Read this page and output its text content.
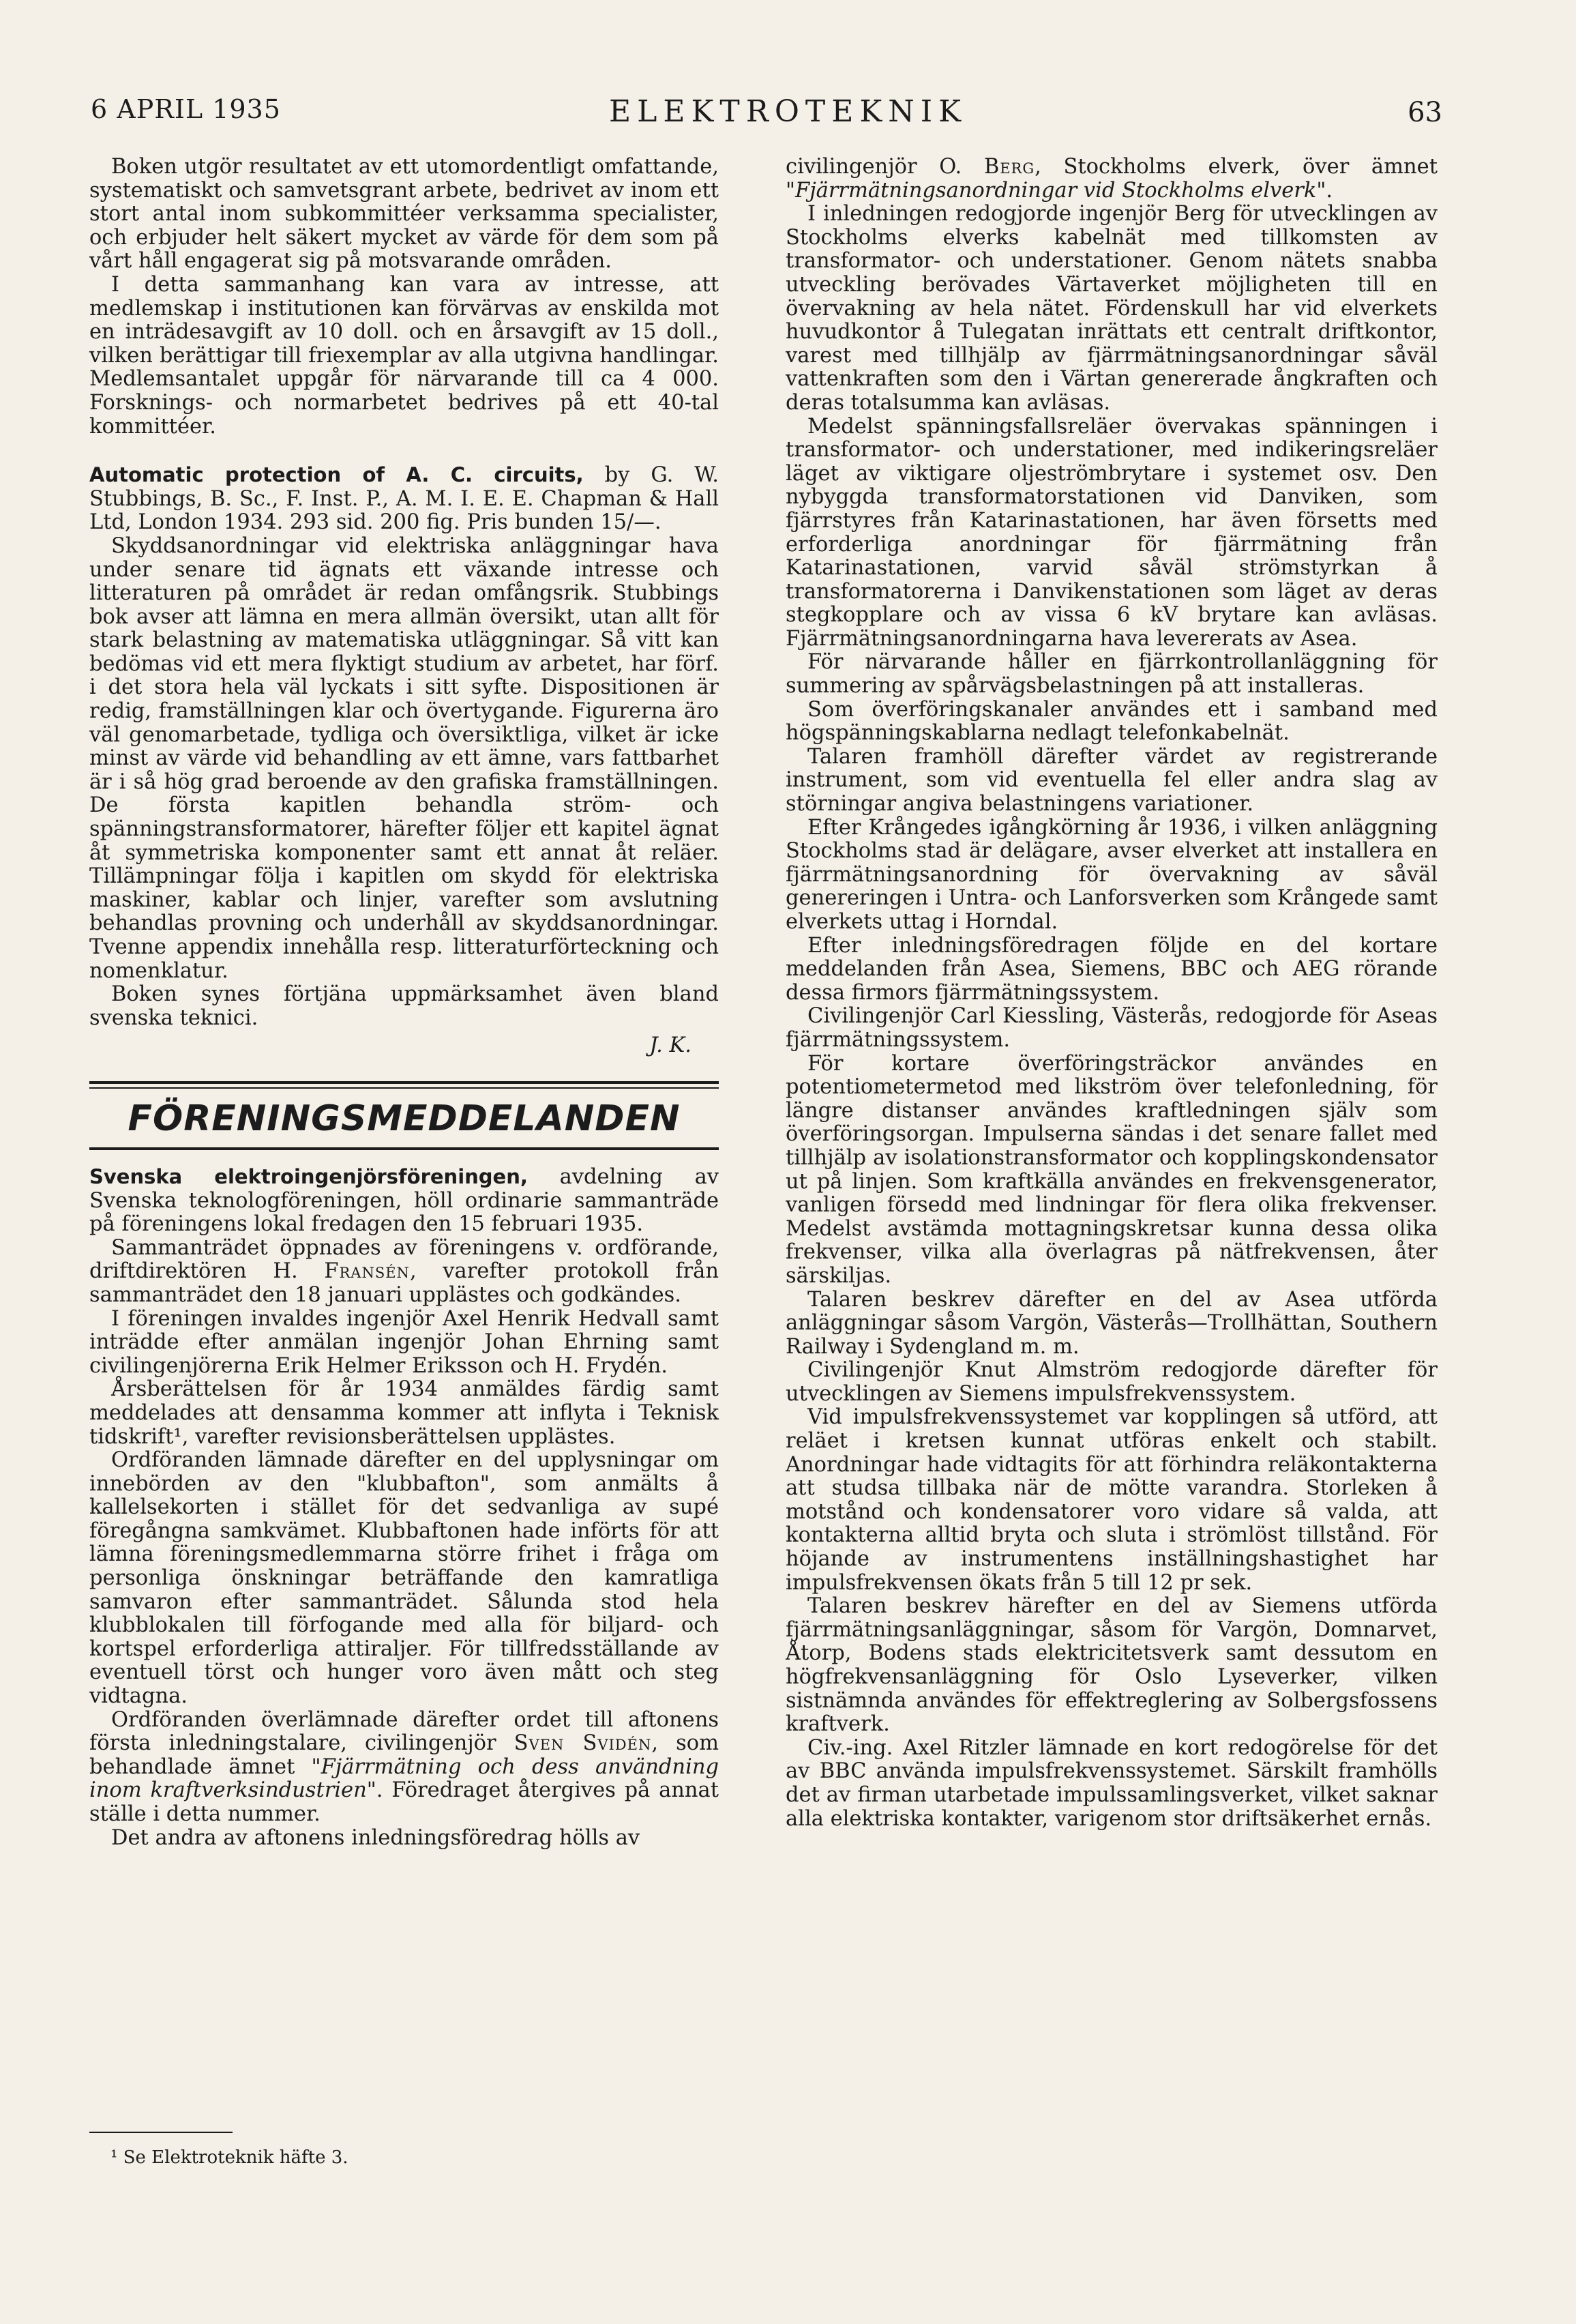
6 APRIL 1935	ELEKTROTEKNIK	63

Boken utgör resultatet av ett utomordentligt omfattande, systematiskt och samvetsgrant arbete, bedrivet av inom ett stort antal inom subkommittéer verksamma specialister, och erbjuder helt säkert mycket av värde för dem som på vårt håll engagerat sig på motsvarande områden.

I detta sammanhang kan vara av intresse, att medlemskap i institutionen kan förvärvas av enskilda mot en inträdesavgift av 10 doll. och en årsavgift av 15 doll., vilken berättigar till friexemplar av alla utgivna handlingar. Medlemsantalet uppgår för närvarande till ca 4 000. Forsknings- och normarbetet bedrives på ett 40-tal kommittéer.

Automatic protection of A. C. circuits, by G. W. Stubbings, B. Sc., F. Inst. P., A. M. I. E. E. Chapman & Hall Ltd, London 1934. 293 sid. 200 fig. Pris bunden 15/—.

Skyddsanordningar vid elektriska anläggningar hava under senare tid ägnats ett växande intresse och litteraturen på området är redan omfångsrik. Stubbings bok avser att lämna en mera allmän översikt, utan allt för stark belastning av matematiska utläggningar. Så vitt kan bedömas vid ett mera flyktigt studium av arbetet, har förf. i det stora hela väl lyckats i sitt syfte. Dispositionen är redig, framställningen klar och övertygande. Figurerna äro väl genomarbetade, tydliga och översiktliga, vilket är icke minst av värde vid behandling av ett ämne, vars fattbarhet är i så hög grad beroende av den grafiska framställningen. De första kapitlen behandla ström- och spänningstransformatorer, härefter följer ett kapitel ägnat åt symmetriska komponenter samt ett annat åt reläer. Tillämpningar följa i kapitlen om skydd för elektriska maskiner, kablar och linjer, varefter som avslutning behandlas provning och underhåll av skyddsanordningar. Tvenne appendix innehålla resp. litteraturförteckning och nomenklatur.

Boken synes förtjäna uppmärksamhet även bland svenska teknici.

J. K.

FÖRENINGSMEDDELANDEN

Svenska elektroingenjörsföreningen, avdelning av Svenska teknologföreningen, höll ordinarie sammanträde på föreningens lokal fredagen den 15 februari 1935.

Sammanträdet öppnades av föreningens v. ordförande, driftdirektören H. Fransén, varefter protokoll från sammanträdet den 18 januari upplästes och godkändes.

I föreningen invaldes ingenjör Axel Henrik Hedvall samt inträdde efter anmälan ingenjör Johan Ehrning samt civilingenjörerna Erik Helmer Eriksson och H. Frydén.

Årsberättelsen för år 1934 anmäldes färdig samt meddelades att densamma kommer att inflyta i Teknisk tidskrift¹, varefter revisionsberättelsen upplästes.

Ordföranden lämnade därefter en del upplysningar om innebörden av den "klubbafton", som anmälts å kallelsekorten i stället för det sedvanliga av supé föregångna samkvämet. Klubbaftonen hade införts för att lämna föreningsmedlemmarna större frihet i fråga om personliga önskningar beträffande den kamratliga samvaron efter sammanträdet. Sålunda stod hela klubblokalen till förfogande med alla för biljard- och kortspel erforderliga attiraljer. För tillfredsställande av eventuell törst och hunger voro även mått och steg vidtagna.

Ordföranden överlämnade därefter ordet till aftonens första inledningstalare, civilingenjör Sven Svidén, som behandlade ämnet "Fjärrmätning och dess användning inom kraftverksindustrien". Föredraget återgives på annat ställe i detta nummer.

Det andra av aftonens inledningsföredrag hölls av

¹ Se Elektroteknik häfte 3.

civilingenjör O. Berg, Stockholms elverk, över ämnet "Fjärrmätningsanordningar vid Stockholms elverk".

I inledningen redogjorde ingenjör Berg för utvecklingen av Stockholms elverks kabelnät med tillkomsten av transformator- och understationer. Genom nätets snabba utveckling berövades Värtaverket möjligheten till en övervakning av hela nätet. Fördenskull har vid elverkets huvudkontor å Tulegatan inrättats ett centralt driftkontor, varest med tillhjälp av fjärrmätningsanordningar såväl vattenkraften som den i Värtan genererade ångkraften och deras totalsumma kan avläsas.

Medelst spänningsfallsreläer övervakas spänningen i transformator- och understationer, med indikeringsreläer läget av viktigare oljeströmbrytare i systemet osv. Den nybyggda transformatorstationen vid Danviken, som fjärrstyres från Katarinastationen, har även försetts med erforderliga anordningar för fjärrmätning från Katarinastationen, varvid såväl strömstyrkan å transformatorerna i Danvikenstationen som läget av deras stegkopplare och av vissa 6 kV brytare kan avläsas. Fjärrmätningsanordningarna hava levererats av Asea.

För närvarande håller en fjärrkontrollanläggning för summering av spårvägsbelastningen på att installeras.

Som överföringskanaler användes ett i samband med högspänningskablarna nedlagt telefonkabelnät.

Talaren framhöll därefter värdet av registrerande instrument, som vid eventuella fel eller andra slag av störningar angiva belastningens variationer.

Efter Krångedes igångkörning år 1936, i vilken anläggning Stockholms stad är delägare, avser elverket att installera en fjärrmätningsanordning för övervakning av såväl genereringen i Untra- och Lanforsverken som Krångede samt elverkets uttag i Horndal.

Efter inledningsföredragen följde en del kortare meddelanden från Asea, Siemens, BBC och AEG rörande dessa firmors fjärrmätningssystem.

Civilingenjör Carl Kiessling, Västerås, redogjorde för Aseas fjärrmätningssystem.

För kortare överföringsträckor användes en potentiometermetod med likström över telefonledning, för längre distanser användes kraftledningen själv som överföringsorgan. Impulserna sändas i det senare fallet med tillhjälp av isolationstransformator och kopplingskondensator ut på linjen. Som kraftkälla användes en frekvensgenerator, vanligen försedd med lindningar för flera olika frekvenser. Medelst avstämda mottagningskretsar kunna dessa olika frekvenser, vilka alla överlagras på nätfrekvensen, åter särskiljas.

Talaren beskrev därefter en del av Asea utförda anläggningar såsom Vargön, Västerås—Trollhättan, Southern Railway i Sydengland m. m.

Civilingenjör Knut Almström redogjorde därefter för utvecklingen av Siemens impulsfrekvenssystem.

Vid impulsfrekvenssystemet var kopplingen så utförd, att reläet i kretsen kunnat utföras enkelt och stabilt. Anordningar hade vidtagits för att förhindra reläkontakterna att studsa tillbaka när de mötte varandra. Storleken å motstånd och kondensatorer voro vidare så valda, att kontakterna alltid bryta och sluta i strömlöst tillstånd. För höjande av instrumentens inställningshastighet har impulsfrekvensen ökats från 5 till 12 pr sek.

Talaren beskrev härefter en del av Siemens utförda fjärrmätningsanläggningar, såsom för Vargön, Domnarvet, Åtorp, Bodens stads elektricitetsverk samt dessutom en högfrekvensanläggning för Oslo Lyseverker, vilken sistnämnda användes för effektreglering av Solbergsfossens kraftverk.

Civ.-ing. Axel Ritzler lämnade en kort redogörelse för det av BBC använda impulsfrekvenssystemet. Särskilt framhölls det av firman utarbetade impulssamlingsverket, vilket saknar alla elektriska kontakter, varigenom stor driftsäkerhet ernås.
